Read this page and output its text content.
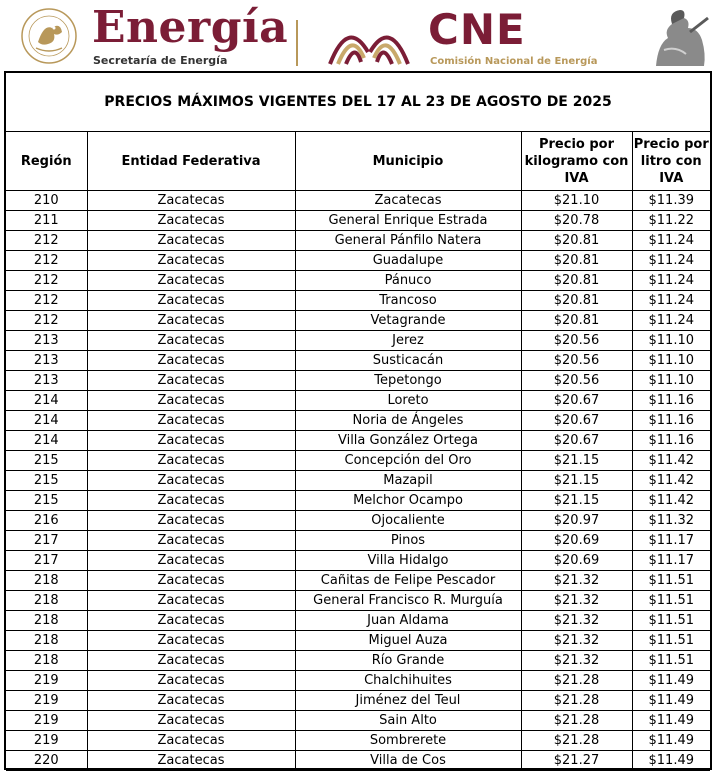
Energía
Secretaría de Energía
CNE
Comisión Nacional de Energía
PRECIOS MÁXIMOS VIGENTES DEL 17 AL 23 DE AGOSTO DE 2025
Región	Entidad Federativa	Municipio	Precio por kilogramo con IVA	Precio por litro con IVA
210	Zacatecas	Zacatecas	$21.10	$11.39
211	Zacatecas	General Enrique Estrada	$20.78	$11.22
212	Zacatecas	General Pánfilo Natera	$20.81	$11.24
212	Zacatecas	Guadalupe	$20.81	$11.24
212	Zacatecas	Pánuco	$20.81	$11.24
212	Zacatecas	Trancoso	$20.81	$11.24
212	Zacatecas	Vetagrande	$20.81	$11.24
213	Zacatecas	Jerez	$20.56	$11.10
213	Zacatecas	Susticacán	$20.56	$11.10
213	Zacatecas	Tepetongo	$20.56	$11.10
214	Zacatecas	Loreto	$20.67	$11.16
214	Zacatecas	Noria de Ángeles	$20.67	$11.16
214	Zacatecas	Villa González Ortega	$20.67	$11.16
215	Zacatecas	Concepción del Oro	$21.15	$11.42
215	Zacatecas	Mazapil	$21.15	$11.42
215	Zacatecas	Melchor Ocampo	$21.15	$11.42
216	Zacatecas	Ojocaliente	$20.97	$11.32
217	Zacatecas	Pinos	$20.69	$11.17
217	Zacatecas	Villa Hidalgo	$20.69	$11.17
218	Zacatecas	Cañitas de Felipe Pescador	$21.32	$11.51
218	Zacatecas	General Francisco R. Murguía	$21.32	$11.51
218	Zacatecas	Juan Aldama	$21.32	$11.51
218	Zacatecas	Miguel Auza	$21.32	$11.51
218	Zacatecas	Río Grande	$21.32	$11.51
219	Zacatecas	Chalchihuites	$21.28	$11.49
219	Zacatecas	Jiménez del Teul	$21.28	$11.49
219	Zacatecas	Sain Alto	$21.28	$11.49
219	Zacatecas	Sombrerete	$21.28	$11.49
220	Zacatecas	Villa de Cos	$21.27	$11.49
